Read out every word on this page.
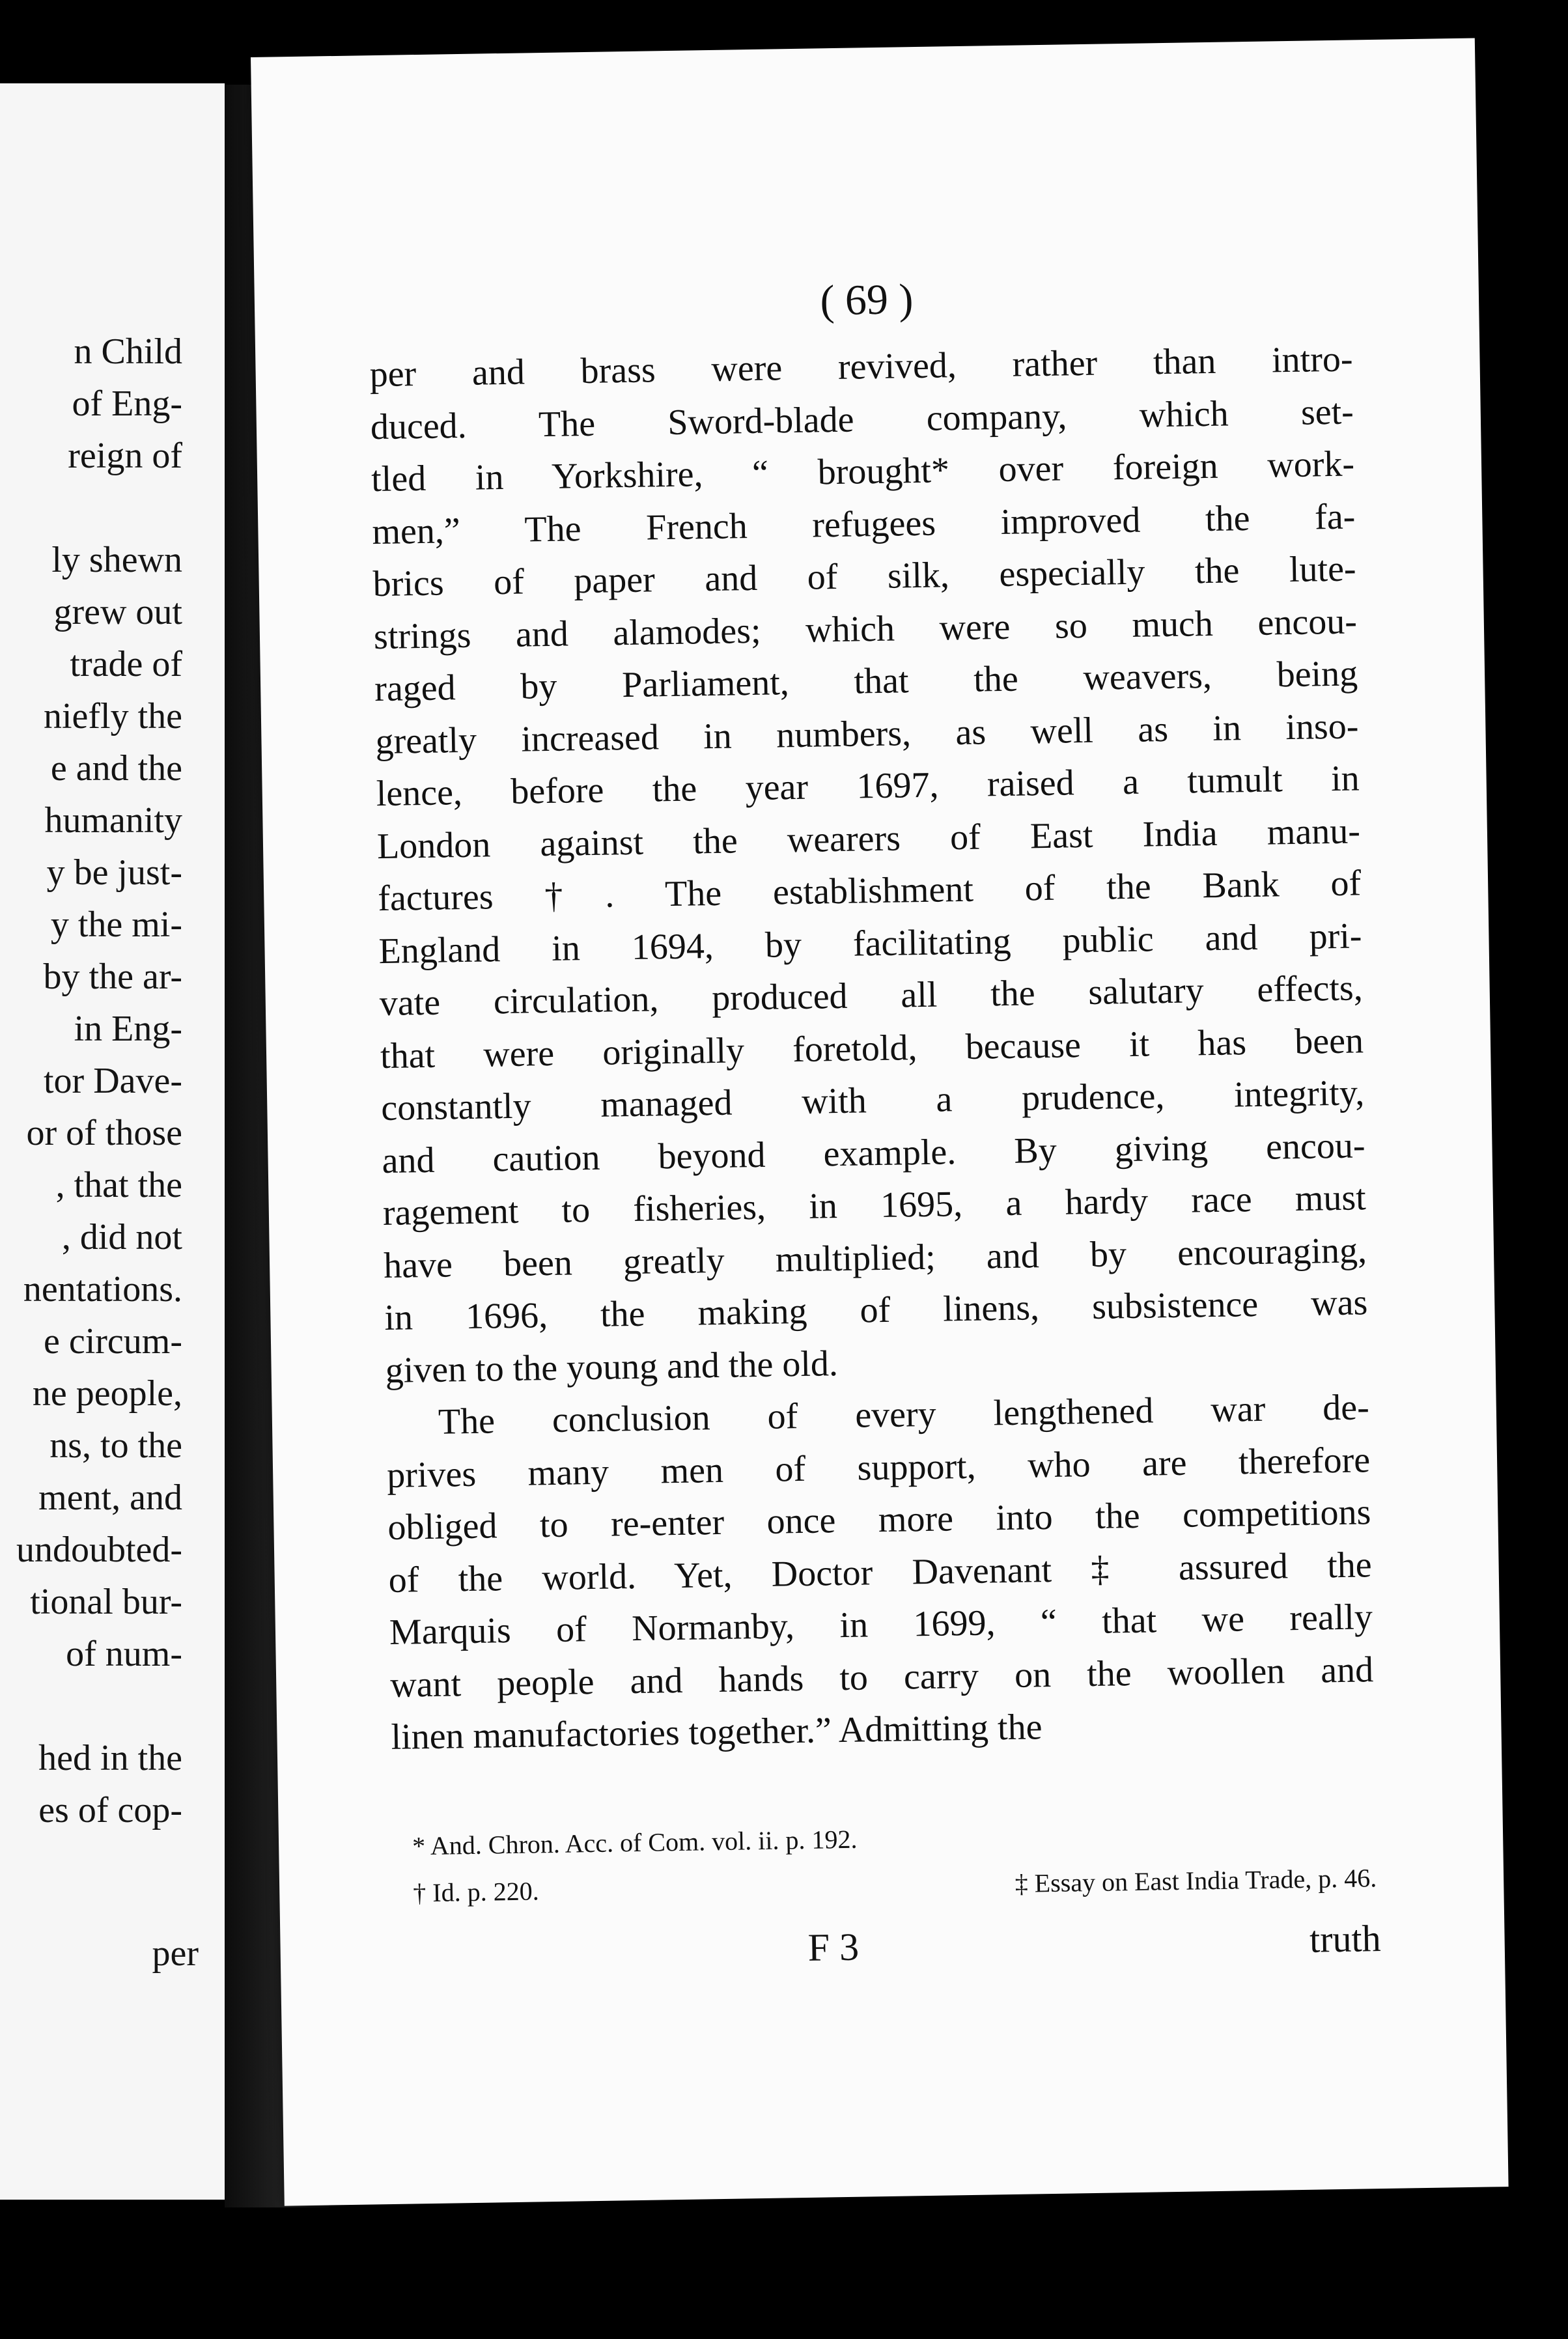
n Child
of Eng-
reign of

ly shewn
grew out
trade of
niefly the
e and the
humanity
y be just-
y the mi-
by the ar-
in Eng-
tor Dave-
or of those
, that the
, did not
nentations.
e circum-
ne people,
ns, to the
ment, and
undoubted-
tional bur-
of num-

hed in the
es of cop-
per
( 69 )
per and brass were revived, rather than intro-
duced. The Sword-blade company, which set-
tled in Yorkshire, “ brought* over foreign work-
men,” The French refugees improved the fa-
brics of paper and of silk, especially the lute-
strings and alamodes; which were so much encou-
raged by Parliament, that the weavers, being
greatly increased in numbers, as well as in inso-
lence, before the year 1697, raised a tumult in
London against the wearers of East India manu-
factures †. The establishment of the Bank of
England in 1694, by facilitating public and pri-
vate circulation, produced all the salutary effects,
that were originally foretold, because it has been
constantly managed with a prudence, integrity,
and caution beyond example. By giving encou-
ragement to fisheries, in 1695, a hardy race must
have been greatly multiplied; and by encouraging,
in 1696, the making of linens, subsistence was
given to the young and the old.
The conclusion of every lengthened war de-
prives many men of support, who are therefore
obliged to re-enter once more into the competitions
of the world. Yet, Doctor Davenant ‡ assured the
Marquis of Normanby, in 1699, “ that we really
want people and hands to carry on the woollen and
linen manufactories together.” Admitting the
* And. Chron. Acc. of Com. vol. ii. p. 192.
† Id. p. 220.	‡ Essay on East India Trade, p. 46.
F 3	truth
